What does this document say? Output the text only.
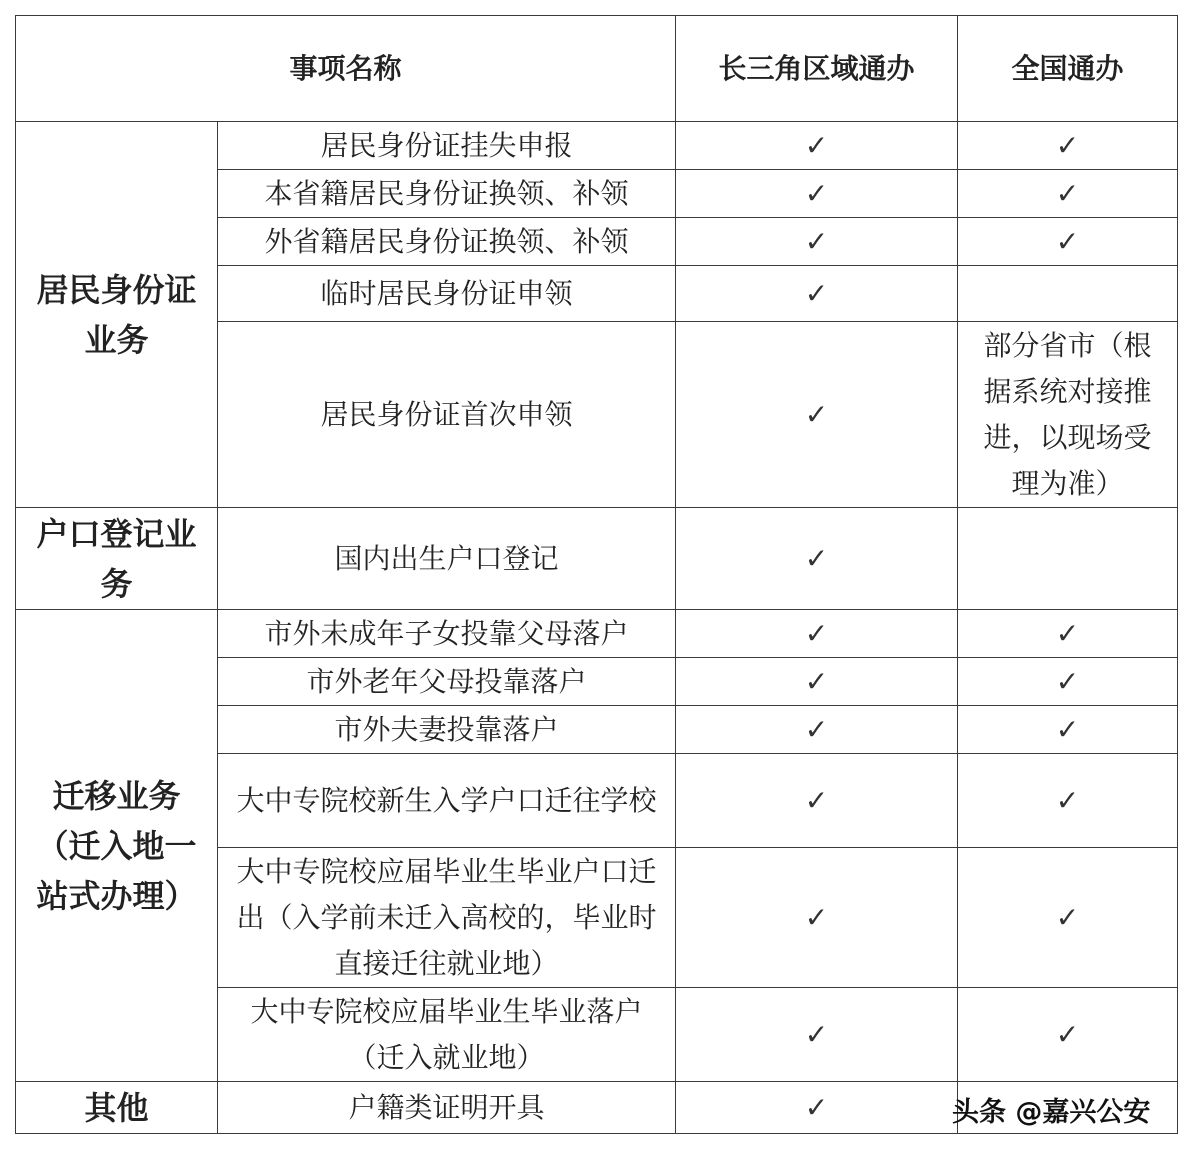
事项名称		长三角区域通办	全国通办
居民身份证业务	居民身份证挂失申报	✓	✓
	本省籍居民身份证换领、补领	✓	✓
	外省籍居民身份证换领、补领	✓	✓
	临时居民身份证申领	✓	
	居民身份证首次申领	✓	部分省市（根据系统对接推进，以现场受理为准）
户口登记业务	国内出生户口登记	✓	
迁移业务（迁入地一站式办理）	市外未成年子女投靠父母落户	✓	✓
	市外老年父母投靠落户	✓	✓
	市外夫妻投靠落户	✓	✓
	大中专院校新生入学户口迁往学校	✓	✓
	大中专院校应届毕业生毕业户口迁出（入学前未迁入高校的，毕业时直接迁往就业地）	✓	✓
	大中专院校应届毕业生毕业落户（迁入就业地）	✓	✓
其他	户籍类证明开具	✓		头条 @嘉兴公安
